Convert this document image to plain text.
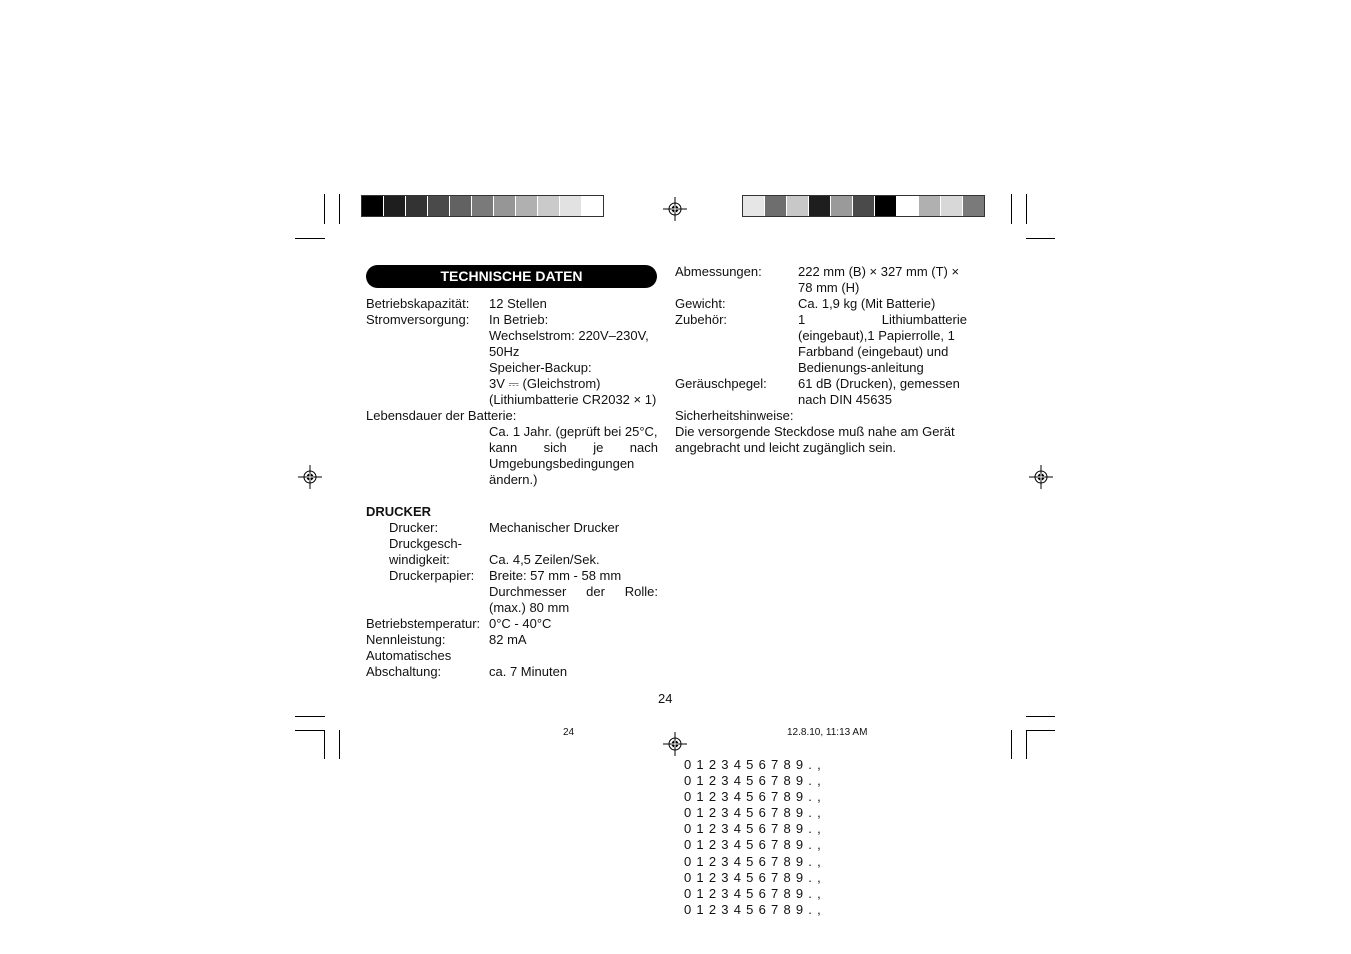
TECHNISCHE DATEN
Betriebskapazität: 12 Stellen
Stromversorgung: In Betrieb:
Wechselstrom: 220V–230V,
50Hz
Speicher-Backup:
3V ⎓ (Gleichstrom)
(Lithiumbatterie CR2032 × 1)
Lebensdauer der Batterie:
Ca. 1 Jahr. (geprüft bei 25°C,
kann sich je nach
Umgebungsbedingungen
ändern.)
DRUCKER
Drucker:	Mechanischer Drucker
Druckgesch-
windigkeit:	Ca. 4,5 Zeilen/Sek.
Druckerpapier: Breite: 57 mm - 58 mm
Durchmesser der Rolle:
(max.) 80 mm
Betriebstemperatur: 0°C - 40°C
Nennleistung:	82 mA
Automatisches
Abschaltung:	ca. 7 Minuten
Abmessungen:	222 mm (B) × 327 mm (T) ×
78 mm (H)
Gewicht:	Ca. 1,9 kg (Mit Batterie)
Zubehör:	1 Lithiumbatterie
(eingebaut),1 Papierrolle, 1
Farbband (eingebaut) und
Bedienungs-anleitung
Geräuschpegel: 61 dB (Drucken), gemessen
nach DIN 45635
Sicherheitshinweise:
Die versorgende Steckdose muß nahe am Gerät
angebracht und leicht zugänglich sein.
24
24	12.8.10, 11:13 AM
0123456789.,
0123456789.,
0123456789.,
0123456789.,
0123456789.,
0123456789.,
0123456789.,
0123456789.,
0123456789.,
0123456789.,
